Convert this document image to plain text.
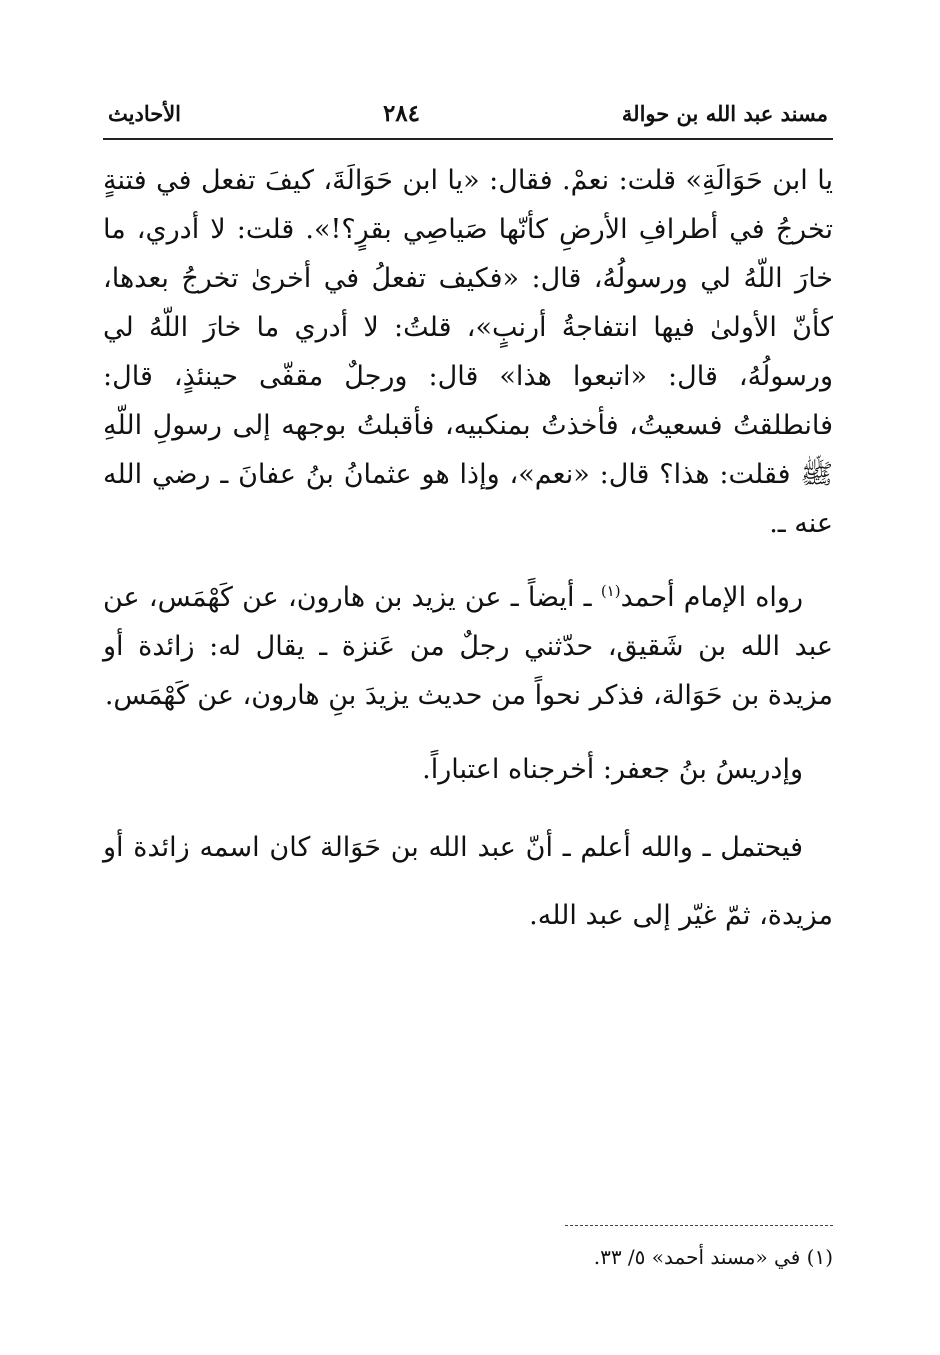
مسند عبد الله بن حوالة
٢٨٤
الأحاديث

يا ابن حَوَالَةِ» قلت: نعمْ. فقال: «يا ابن حَوَالَةَ، كيفَ تفعل في فتنةٍ تخرجُ في أطرافِ الأرضِ كأنّها صَياصِي بقرٍ؟!». قلت: لا أدري، ما خارَ اللّهُ لي ورسولُهُ، قال: «فكيف تفعلُ في أخرىٰ تخرجُ بعدها، كأنّ الأولىٰ فيها انتفاجةُ أرنبٍ»، قلتُ: لا أدري ما خارَ اللّهُ لي ورسولُهُ، قال: «اتبعوا هذا» قال: ورجلٌ مقفّى حينئذٍ، قال: فانطلقتُ فسعيتُ، فأخذتُ بمنكبيه، فأقبلتُ بوجهه إلى رسولِ اللّهِ ﷺ فقلت: هذا؟ قال: «نعم»، وإذا هو عثمانُ بنُ عفانَ ـ رضي الله عنه ـ.

رواه الإمام أحمد$^{(١)}$ ـ أيضاً ـ عن يزيد بن هارون، عن كَهْمَس، عن عبد الله بن شَقيق، حدّثني رجلٌ من عَنزة ـ يقال له: زائدة أو مزيدة بن حَوَالة، فذكر نحواً من حديث يزيدَ بنِ هارون، عن كَهْمَس.

وإدريسُ بنُ جعفر: أخرجناه اعتباراً.

فيحتمل ـ والله أعلم ـ أنّ عبد الله بن حَوَالة كان اسمه زائدة أو مزيدة، ثمّ غيّر إلى عبد الله.

(١) في «مسند أحمد» ٥/ ٣٣.
